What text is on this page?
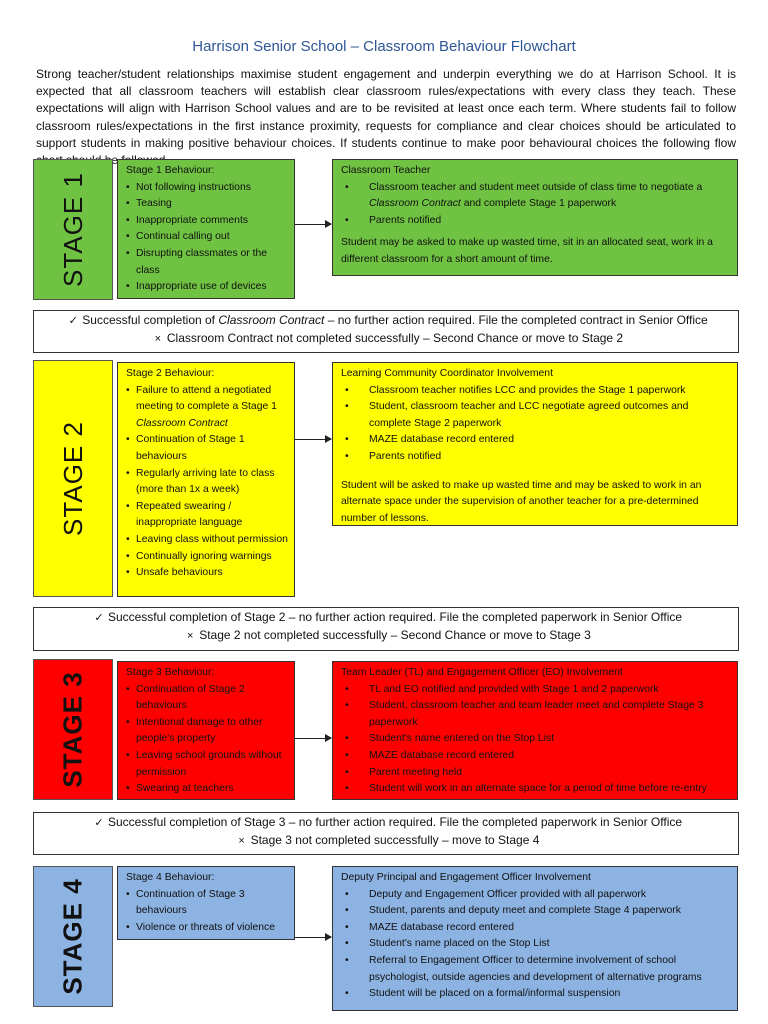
Harrison Senior School – Classroom Behaviour Flowchart
Strong teacher/student relationships maximise student engagement and underpin everything we do at Harrison School. It is expected that all classroom teachers will establish clear classroom rules/expectations with every class they teach. These expectations will align with Harrison School values and are to be revisited at least once each term. Where students fail to follow classroom rules/expectations in the first instance proximity, requests for compliance and clear choices should be articulated to support students in making positive behaviour choices. If students continue to make poor behavioural choices the following flow
STAGE 1
Stage 1 Behaviour:
• Not following instructions
• Teasing
• Inappropriate comments
• Continual calling out
• Disrupting classmates or the class
• Inappropriate use of devices
Classroom Teacher
• Classroom teacher and student meet outside of class time to negotiate a Classroom Contract and complete Stage 1 paperwork
• Parents notified

Student may be asked to make up wasted time, sit in an allocated seat, work in a different classroom for a short amount of time.

✓ Successful completion of Classroom Contract – no further action required. File the completed contract in Senior Office
× Classroom Contract not completed successfully – Second Chance or move to Stage 2
STAGE 2
Stage 2 Behaviour:
• Failure to attend a negotiated meeting to complete a Stage 1 Classroom Contract
• Continuation of Stage 1 behaviours
• Regularly arriving late to class (more than 1x a week)
• Repeated swearing / inappropriate language
• Leaving class without permission
• Continually ignoring warnings
• Unsafe behaviours
Learning Community Coordinator Involvement
• Classroom teacher notifies LCC and provides the Stage 1 paperwork
• Student, classroom teacher and LCC negotiate agreed outcomes and complete Stage 2 paperwork
• MAZE database record entered
• Parents notified

Student will be asked to make up wasted time and may be asked to work in an alternate space under the supervision of another teacher for a pre-determined number of lessons.

✓ Successful completion of Stage 2 – no further action required. File the completed paperwork in Senior Office
× Stage 2 not completed successfully – Second Chance or move to Stage 3
STAGE 3	Stage 3 Behaviour:
• Continuation of Stage 2 behaviours
• Intentional damage to other people's property
• Leaving school grounds without permission
• Swearing at teachers
Team Leader (TL) and Engagement Officer (EO) Involvement
• TL and EO notified and provided with Stage 1 and 2 paperwork
• Student, classroom teacher and team leader meet and complete Stage 3 paperwork
• Student's name entered on the Stop List
• MAZE database record entered
• Parent meeting held
• Student will work in an alternate space for a period of time before re-entry
✓ Successful completion of Stage 3 – no further action required. File the completed paperwork in Senior Office
× Stage 3 not completed successfully – move to Stage 4
STAGE 4
Stage 4 Behaviour:
• Continuation of Stage 3 behaviours
• Violence or threats of violence
Deputy Principal and Engagement Officer Involvement
• Deputy and Engagement Officer provided with all paperwork
• Student, parents and deputy meet and complete Stage 4 paperwork
• MAZE database record entered
• Student's name placed on the Stop List
• Referral to Engagement Officer to determine involvement of school psychologist, outside agencies and development of alternative programs
• Student will be placed on a formal/informal suspension
